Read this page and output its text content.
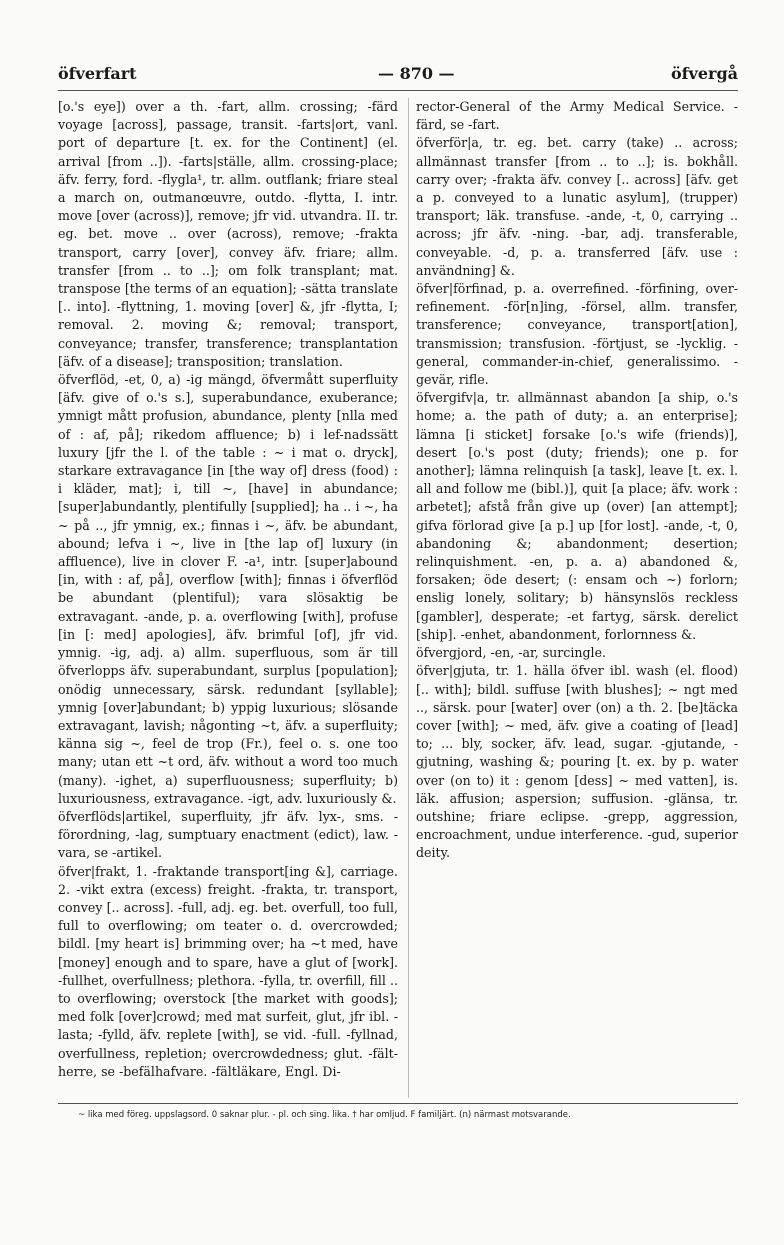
öfverfart	— 870 —	öfvergå

[o.'s eye]) over a th. -fart, allm. crossing; -färd voyage [across], passage, transit. -farts|ort, vanl. port of departure [t. ex. for the Continent] (el. arrival [from ..]). -farts|ställe, allm. crossing-place; äfv. ferry, ford. -flygla¹, tr. allm. outflank; friare steal a march on, outmanœuvre, outdo. -flytta, I. intr. move [over (across)], remove; jfr vid. utvandra. II. tr. eg. bet. move .. over (across), remove; -frakta transport, carry [over], convey äfv. friare; allm. transfer [from .. to ..]; om folk transplant; mat. transpose [the terms of an equation]; -sätta translate [.. into]. -flyttning, 1. moving [over] &, jfr -flytta, I; removal. 2. moving &; removal; transport, conveyance; transfer, transference; transplantation [äfv. of a disease]; transposition; translation.

öfverflöd, -et, 0, a) -ig mängd, öfvermått superfluity [äfv. give of o.'s s.], superabundance, exuberance; ymnigt mått profusion, abundance, plenty [nlla med of : af, på]; rikedom affluence; b) i lef-nadssätt luxury [jfr the l. of the table : ~ i mat o. dryck], starkare extravagance [in [the way of] dress (food) : i kläder, mat]; i, till ~, [have] in abundance; [super]abundantly, plentifully [supplied]; ha .. i ~, ha ~ på .., jfr ymnig, ex.; finnas i ~, äfv. be abundant, abound; lefva i ~, live in [the lap of] luxury (in affluence), live in clover F. -a¹, intr. [super]abound [in, with : af, på], overflow [with]; finnas i öfverflöd be abundant (plentiful); vara slösaktig be extravagant. -ande, p. a. overflowing [with], profuse [in [: med] apologies], äfv. brimful [of], jfr vid. ymnig. -ig, adj. a) allm. superfluous, som är till öfverlopps äfv. superabundant, surplus [population]; onödig unnecessary, särsk. redundant [syllable]; ymnig [over]abundant; b) yppig luxurious; slösande extravagant, lavish; någonting ~t, äfv. a superfluity; känna sig ~, feel de trop (Fr.), feel o. s. one too many; utan ett ~t ord, äfv. without a word too much (many). -ighet, a) superfluousness; superfluity; b) luxuriousness, extravagance. -igt, adv. luxuriously &.

öfverflöds|artikel, superfluity, jfr äfv. lyx-, sms. -förordning, -lag, sumptuary enactment (edict), law. -vara, se -artikel.

öfver|frakt, 1. -fraktande transport[ing &], carriage. 2. -vikt extra (excess) freight. -frakta, tr. transport, convey [.. across]. -full, adj. eg. bet. overfull, too full, full to overflowing; om teater o. d. overcrowded; bildl. [my heart is] brimming over; ha ~t med, have [money] enough and to spare, have a glut of [work]. -fullhet, overfullness; plethora. -fylla, tr. overfill, fill .. to overflowing; overstock [the market with goods]; med folk [over]crowd; med mat surfeit, glut, jfr ibl. -lasta; -fylld, äfv. replete [with], se vid. -full. -fyllnad, overfullness, repletion; overcrowdedness; glut. -fält-herre, se -befälhafvare. -fältläkare, Engl. Di-

rector-General of the Army Medical Service. -färd, se -fart.

öfverför|a, tr. eg. bet. carry (take) .. across; allmännast transfer [from .. to ..]; is. bokhåll. carry over; -frakta äfv. convey [.. across] [äfv. get a p. conveyed to a lunatic asylum], (trupper) transport; läk. transfuse. -ande, -t, 0, carrying .. across; jfr äfv. -ning. -bar, adj. transferable, conveyable. -d, p. a. transferred [äfv. use : användning] &.

öfver|förfinad, p. a. overrefined. -förfining, over-refinement. -för[n]ing, -försel, allm. transfer, transference; conveyance, transport[ation], transmission; transfusion. -förtjust, se -lycklig. -general, commander-in-chief, generalissimo. -gevär, rifle.

öfvergifv|a, tr. allmännast abandon [a ship, o.'s home; a. the path of duty; a. an enterprise]; lämna [i sticket] forsake [o.'s wife (friends)], desert [o.'s post (duty; friends); one p. for another]; lämna relinquish [a task], leave [t. ex. l. all and follow me (bibl.)], quit [a place; äfv. work : arbetet]; afstå från give up (over) [an attempt]; gifva förlorad give [a p.] up [for lost]. -ande, -t, 0, abandoning &; abandonment; desertion; relinquishment. -en, p. a. a) abandoned &, forsaken; öde desert; (: ensam och ~) forlorn; enslig lonely, solitary; b) hänsynslös reckless [gambler], desperate; -et fartyg, särsk. derelict [ship]. -enhet, abandonment, forlornness &.

öfvergjord, -en, -ar, surcingle.

öfver|gjuta, tr. 1. hälla öfver ibl. wash (el. flood) [.. with]; bildl. suffuse [with blushes]; ~ ngt med .., särsk. pour [water] over (on) a th. 2. [be]täcka cover [with]; ~ med, äfv. give a coating of [lead] to; ... bly, socker, äfv. lead, sugar. -gjutande, -gjutning, washing &; pouring [t. ex. by p. water over (on to) it : genom [dess] ~ med vatten], is. läk. affusion; aspersion; suffusion. -glänsa, tr. outshine; friare eclipse. -grepp, aggression, encroachment, undue interference. -gud, superior deity.

~ lika med föreg. uppslagsord. 0 saknar plur. - pl. och sing. lika. † har omljud. F familjärt. (n) närmast motsvarande.
